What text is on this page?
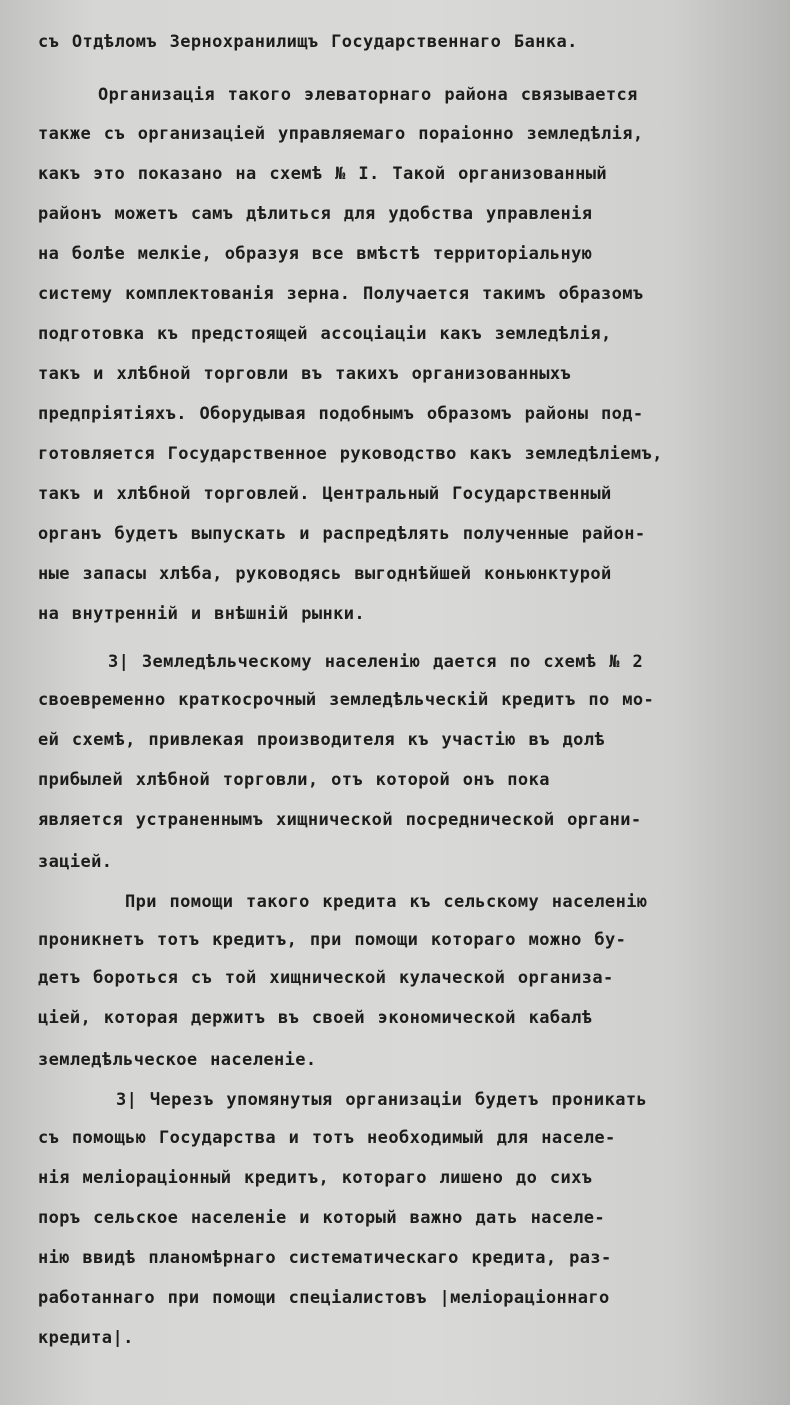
съ Отдѣломъ Зернохранилищъ Государственнаго Банка.
Организація такого элеваторнаго района связывается
также съ организаціей управляемаго пораіонно земледѣлія,
какъ это показано на схемѣ № I. Такой организованный
районъ можетъ самъ дѣлиться для удобства управленія
на болѣе мелкіе, образуя все вмѣстѣ территоріальную
систему комплектованія зерна. Получается такимъ образомъ
подготовка къ предстоящей ассоціаціи какъ земледѣлія,
такъ и хлѣбной торговли въ такихъ организованныхъ
предпріятіяхъ. Оборудывая подобнымъ образомъ районы под-
готовляется Государственное руководство какъ земледѣліемъ,
такъ и хлѣбной торговлей. Центральный Государственный
органъ будетъ выпускать и распредѣлять полученные район-
ные запасы хлѣба, руководясь выгоднѣйшей коньюнктурой
на внутренній и внѣшній рынки.
3| Земледѣльческому населенію дается по схемѣ № 2
своевременно краткосрочный земледѣльческій кредитъ по мо-
ей схемѣ, привлекая производителя къ участію въ долѣ
прибылей хлѣбной торговли, отъ которой онъ пока
является устраненнымъ хищнической посреднической органи-
заціей.
При помощи такого кредита къ сельскому населенію
проникнетъ тотъ кредитъ, при помощи котораго можно бу-
детъ бороться съ той хищнической кулаческой организа-
ціей, которая держитъ въ своей экономической кабалѣ
земледѣльческое населеніе.
3| Черезъ упомянутыя организаціи будетъ проникать
съ помощью Государства и тотъ необходимый для населе-
нія меліораціонный кредитъ, котораго лишено до сихъ
поръ сельское населеніе и который важно дать населе-
нію ввидѣ планомѣрнаго систематическаго кредита, раз-
работаннаго при помощи спеціалистовъ |меліораціоннаго
кредита|.
